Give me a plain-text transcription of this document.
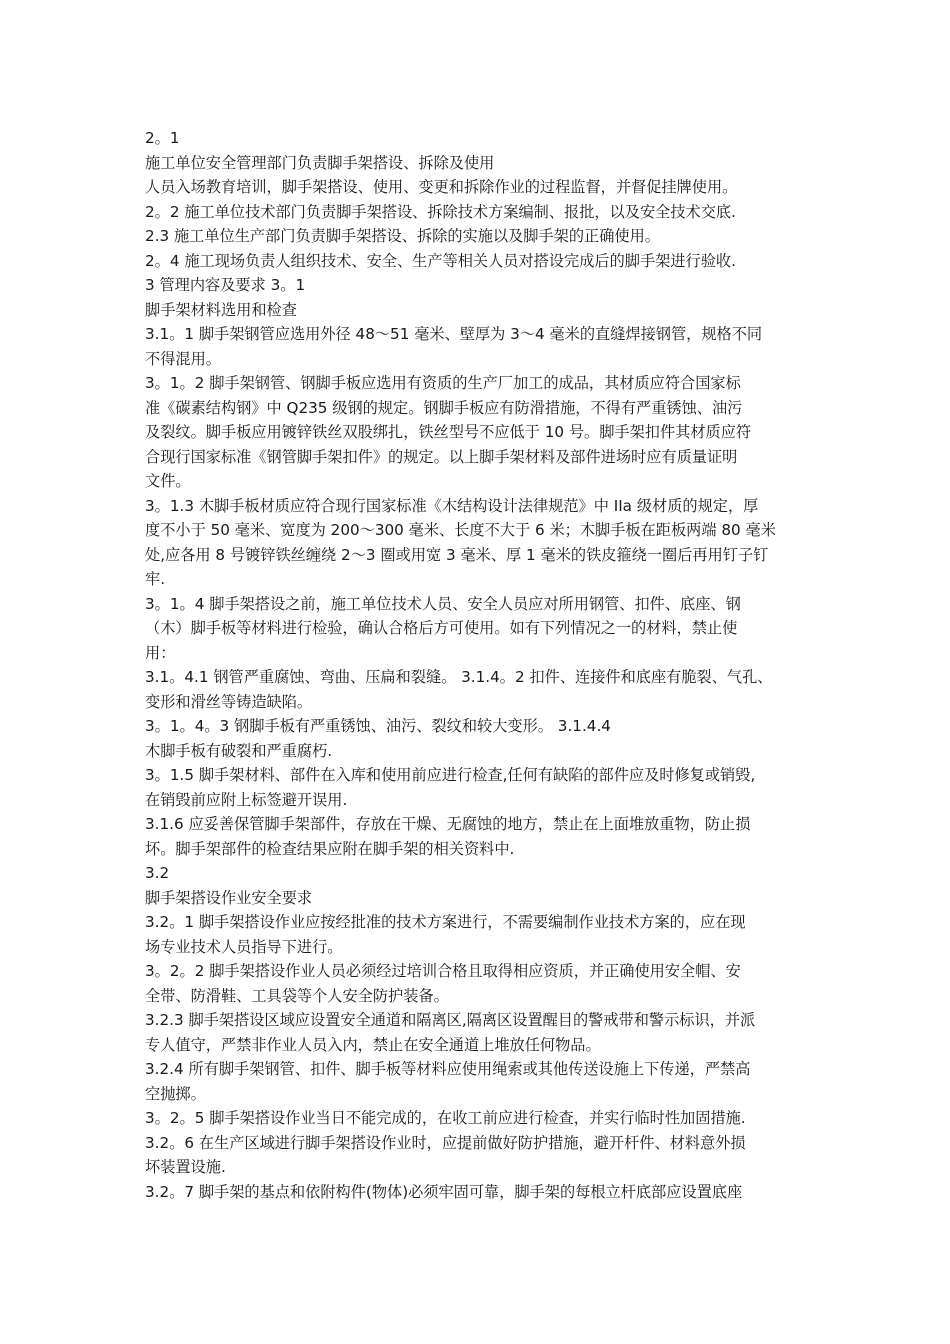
2。1

施工单位安全管理部门负责脚手架搭设、拆除及使用

人员入场教育培训，脚手架搭设、使用、变更和拆除作业的过程监督，并督促挂牌使用。

2。2 施工单位技术部门负责脚手架搭设、拆除技术方案编制、报批，以及安全技术交底.

2.3 施工单位生产部门负责脚手架搭设、拆除的实施以及脚手架的正确使用。

2。4 施工现场负责人组织技术、安全、生产等相关人员对搭设完成后的脚手架进行验收.

3 管理内容及要求 3。1

脚手架材料选用和检查

3.1。1 脚手架钢管应选用外径 48～51 毫米、壁厚为 3～4 毫米的直缝焊接钢管，规格不同

不得混用。

3。1。2 脚手架钢管、钢脚手板应选用有资质的生产厂加工的成品，其材质应符合国家标

准《碳素结构钢》中 Q235 级钢的规定。钢脚手板应有防滑措施，不得有严重锈蚀、油污

及裂纹。脚手板应用镀锌铁丝双股绑扎，铁丝型号不应低于 10 号。脚手架扣件其材质应符

合现行国家标准《钢管脚手架扣件》的规定。以上脚手架材料及部件进场时应有质量证明

文件。

3。1.3 木脚手板材质应符合现行国家标准《木结构设计法律规范》中 IIa 级材质的规定，厚

度不小于 50 毫米、宽度为 200～300 毫米、长度不大于 6 米；木脚手板在距板两端 80 毫米

处,应各用 8 号镀锌铁丝缠绕 2～3 圈或用宽 3 毫米、厚 1 毫米的铁皮箍绕一圈后再用钉子钉

牢.

3。1。4 脚手架搭设之前，施工单位技术人员、安全人员应对所用钢管、扣件、底座、钢

（木）脚手板等材料进行检验，确认合格后方可使用。如有下列情况之一的材料，禁止使

用：

3.1。4.1 钢管严重腐蚀、弯曲、压扁和裂缝。 3.1.4。2 扣件、连接件和底座有脆裂、气孔、

变形和滑丝等铸造缺陷。

3。1。4。3 钢脚手板有严重锈蚀、油污、裂纹和较大变形。 3.1.4.4

木脚手板有破裂和严重腐朽.

3。1.5 脚手架材料、部件在入库和使用前应进行检查,任何有缺陷的部件应及时修复或销毁,

在销毁前应附上标签避开误用.

3.1.6 应妥善保管脚手架部件，存放在干燥、无腐蚀的地方，禁止在上面堆放重物，防止损

坏。脚手架部件的检查结果应附在脚手架的相关资料中.

3.2

脚手架搭设作业安全要求

3.2。1 脚手架搭设作业应按经批准的技术方案进行，不需要编制作业技术方案的，应在现

场专业技术人员指导下进行。

3。2。2 脚手架搭设作业人员必须经过培训合格且取得相应资质，并正确使用安全帽、安

全带、防滑鞋、工具袋等个人安全防护装备。

3.2.3 脚手架搭设区域应设置安全通道和隔离区,隔离区设置醒目的警戒带和警示标识，并派

专人值守，严禁非作业人员入内，禁止在安全通道上堆放任何物品。

3.2.4 所有脚手架钢管、扣件、脚手板等材料应使用绳索或其他传送设施上下传递，严禁高

空抛掷。

3。2。5 脚手架搭设作业当日不能完成的，在收工前应进行检查，并实行临时性加固措施.

3.2。6 在生产区域进行脚手架搭设作业时，应提前做好防护措施，避开杆件、材料意外损

坏装置设施.

3.2。7 脚手架的基点和依附构件(物体)必须牢固可靠，脚手架的每根立杆底部应设置底座
